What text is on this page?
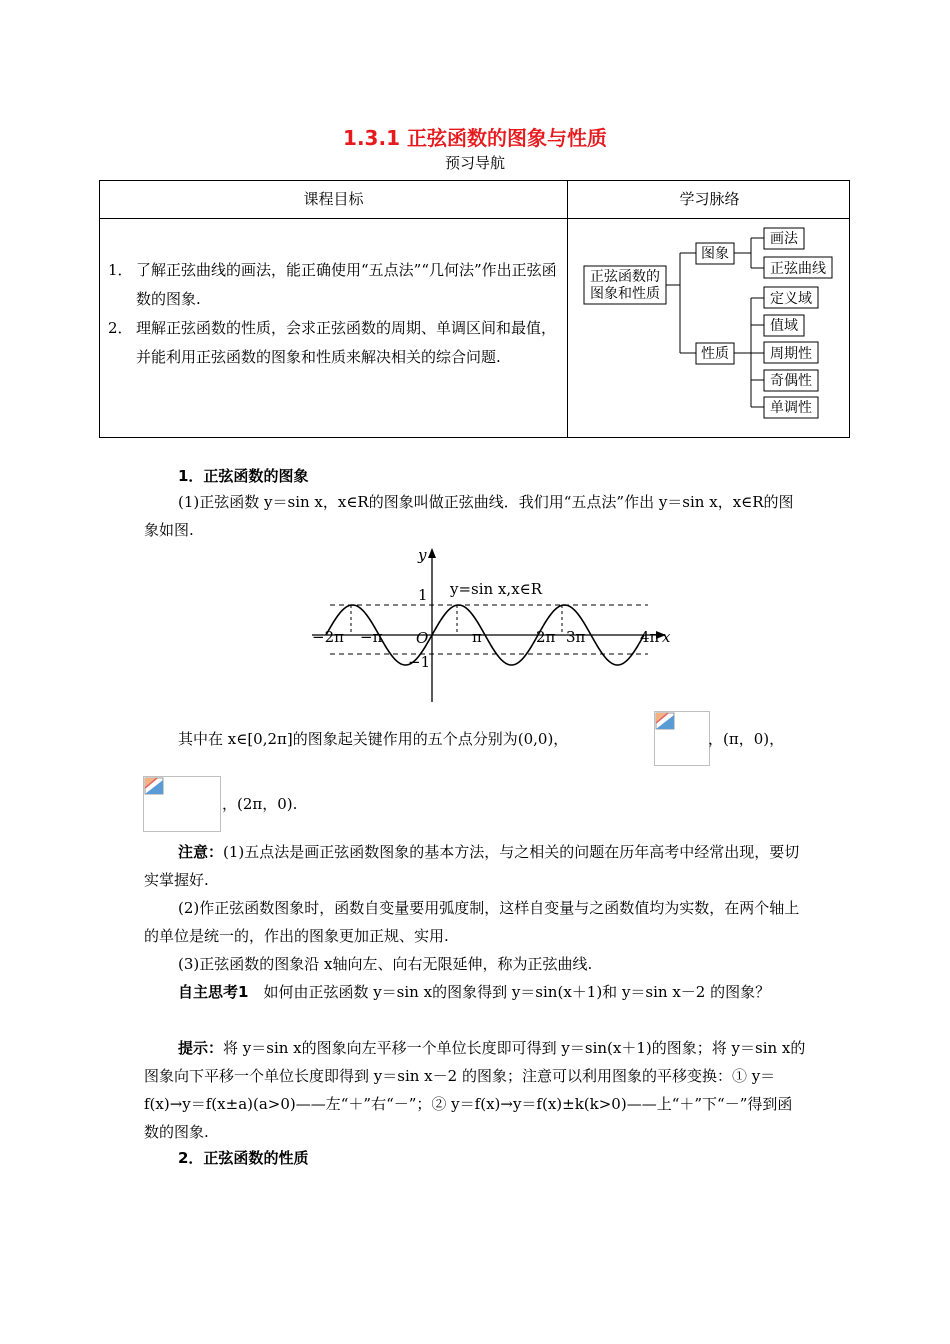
1.3.1 正弦函数的图象与性质
预习导航
课程目标	学习脉络
1． 了解正弦曲线的画法，能正确使用“五点法”“几何法”作出正弦函数的图象.
2． 理解正弦函数的性质，会求正弦函数的周期、单调区间和最值，并能利用正弦函数的图象和性质来解决相关的综合问题.
正弦函数的
图象和性质
图象
性质
画法
正弦曲线
定义域
值域
周期性
奇偶性
单调性
1．正弦函数的图象
(1)正弦函数 y＝sin x，x∈R的图象叫做正弦曲线．我们用“五点法”作出 y＝sin x，x∈R的图象如图.
y
x
y=sin x,x∈R
1
−1
O
−2π −π	π	2π 3π	4π
其中在 x∈[0,2π]的图象起关键作用的五个点分别为(0,0)，	，(π，0)，
，(2π，0).
注意：(1)五点法是画正弦函数图象的基本方法，与之相关的问题在历年高考中经常出现，要切实掌握好.
(2)作正弦函数图象时，函数自变量要用弧度制，这样自变量与之函数值均为实数，在两个轴上的单位是统一的，作出的图象更加正规、实用.
(3)正弦函数的图象沿 x轴向左、向右无限延伸，称为正弦曲线.
自主思考1　如何由正弦函数 y＝sin x的图象得到 y＝sin(x＋1)和 y＝sin x－2 的图象？
提示：将 y＝sin x的图象向左平移一个单位长度即可得到 y＝sin(x＋1)的图象；将 y＝sin x的图象向下平移一个单位长度即得到 y＝sin x－2 的图象；注意可以利用图象的平移变换：① y＝f(x)→y＝f(x±a)(a>0)——左“＋”右“－”；② y＝f(x)→y＝f(x)±k(k>0)——上“＋”下“－”得到函数的图象.
2．正弦函数的性质
